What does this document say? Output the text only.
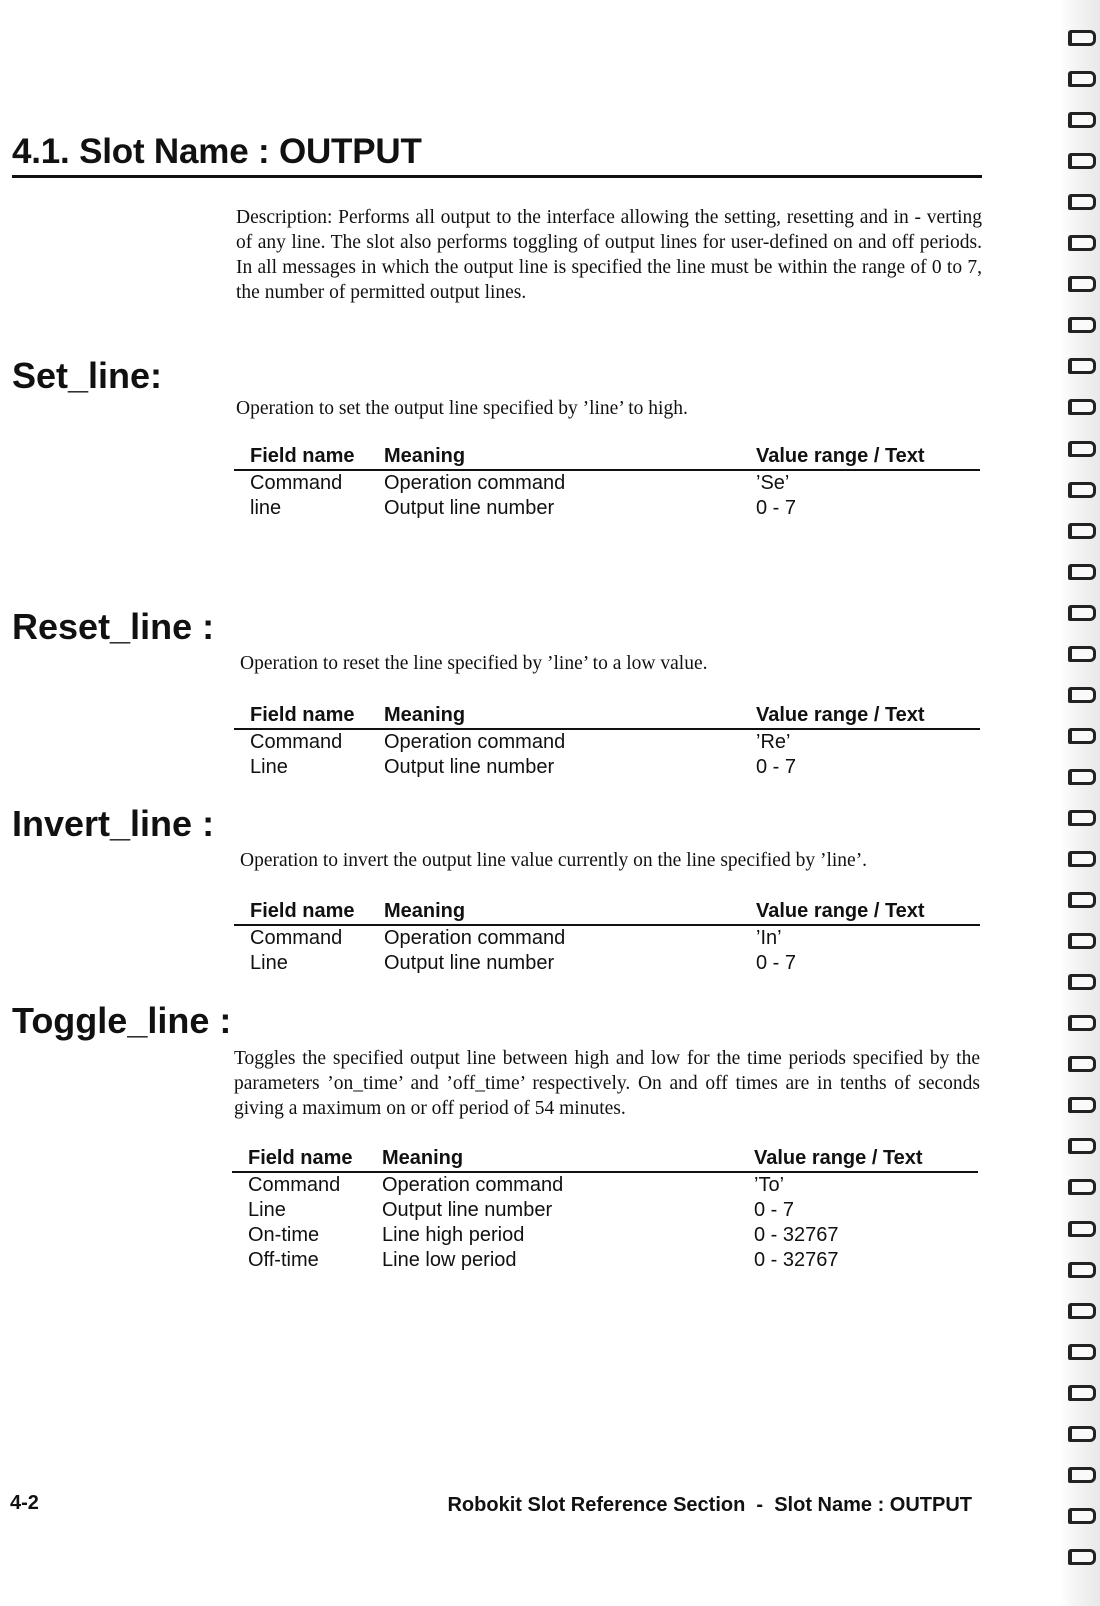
4.1. Slot Name : OUTPUT

Description: Performs all output to the interface allowing the setting, resetting and in - verting of any line. The slot also performs toggling of output lines for user-defined on and off periods. In all messages in which the output line is specified the line must be within the range of 0 to 7, the number of permitted output lines.

Set_line:

Operation to set the output line specified by ’line’ to high.

Field name	Meaning	Value range / Text
Command	Operation command	’Se’
line	Output line number	0 - 7
Reset_line :

Operation to reset the line specified by ’line’ to a low value.

Field name	Meaning	Value range / Text
Command	Operation command	’Re’
Line	Output line number	0 - 7
Invert_line :

Operation to invert the output line value currently on the line specified by ’line’.

Field name	Meaning	Value range / Text
Command	Operation command	’In’
Line	Output line number	0 - 7
Toggle_line :

Toggles the specified output line between high and low for the time periods specified by the parameters ’on_time’ and ’off_time’ respectively. On and off times are in tenths of seconds giving a maximum on or off period of 54 minutes.

Field name	Meaning	Value range / Text
Command	Operation command	’To’
Line	Output line number	0 - 7
On-time	Line high period	0 - 32767
Off-time	Line low period	0 - 32767
4-2	Robokit Slot Reference Section  -  Slot Name : OUTPUT
